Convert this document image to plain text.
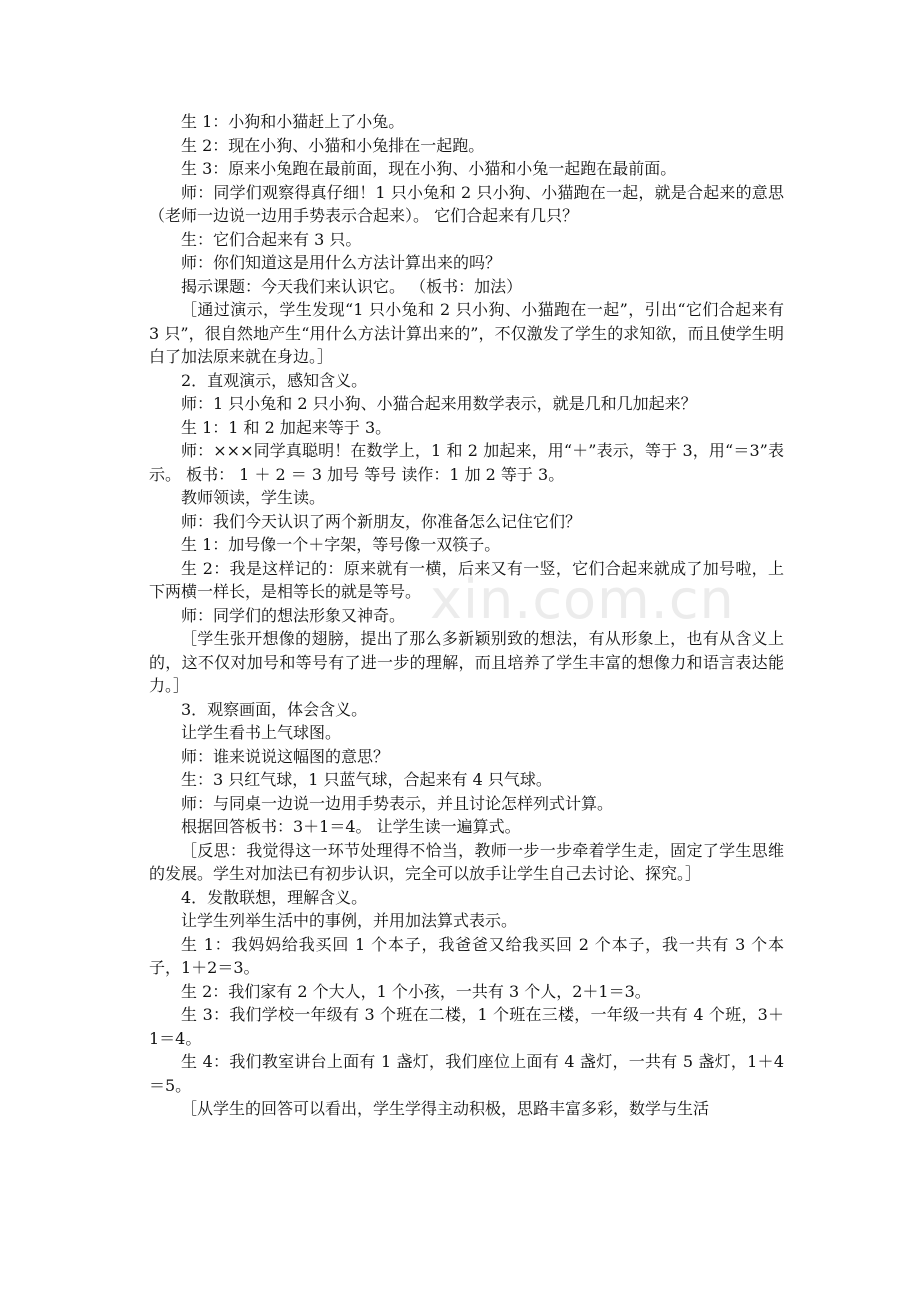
生 1：小狗和小猫赶上了小兔。

生 2：现在小狗、小猫和小兔排在一起跑。

生 3：原来小兔跑在最前面，现在小狗、小猫和小兔一起跑在最前面。

师：同学们观察得真仔细！1 只小兔和 2 只小狗、小猫跑在一起，就是合起来的意思 （老师一边说一边用手势表示合起来）。 它们合起来有几只？

生：它们合起来有 3 只。

师：你们知道这是用什么方法计算出来的吗？

揭示课题：今天我们来认识它。 （板书：加法）

［通过演示，学生发现“1 只小兔和 2 只小狗、小猫跑在一起”，引出“它们合起来有 3 只”，很自然地产生“用什么方法计算出来的”，不仅激发了学生的求知欲，而且使学生明白了加法原来就在身边。］

2．直观演示，感知含义。

师：1 只小兔和 2 只小狗、小猫合起来用数学表示，就是几和几加起来？

生 1：1 和 2 加起来等于 3。

师：×××同学真聪明！在数学上，1 和 2 加起来，用“＋”表示，等于 3，用“＝3”表示。 板书： 1 ＋ 2 ＝ 3 加号 等号 读作：1 加 2 等于 3。

教师领读，学生读。

师：我们今天认识了两个新朋友，你准备怎么记住它们？

生 1：加号像一个＋字架，等号像一双筷子。

生 2：我是这样记的：原来就有一横，后来又有一竖，它们合起来就成了加号啦，上下两横一样长，是相等长的就是等号。

师：同学们的想法形象又神奇。

［学生张开想像的翅膀，提出了那么多新颖别致的想法，有从形象上，也有从含义上的，这不仅对加号和等号有了进一步的理解，而且培养了学生丰富的想像力和语言表达能力。］

3．观察画面，体会含义。

让学生看书上气球图。

师：谁来说说这幅图的意思？

生：3 只红气球，1 只蓝气球，合起来有 4 只气球。

师：与同桌一边说一边用手势表示，并且讨论怎样列式计算。

根据回答板书：3＋1＝4。 让学生读一遍算式。

［反思：我觉得这一环节处理得不恰当，教师一步一步牵着学生走，固定了学生思维的发展。学生对加法已有初步认识，完全可以放手让学生自己去讨论、探究。］

4．发散联想，理解含义。

让学生列举生活中的事例，并用加法算式表示。

生 1：我妈妈给我买回 1 个本子，我爸爸又给我买回 2 个本子，我一共有 3 个本子，1＋2＝3。

生 2：我们家有 2 个大人，1 个小孩，一共有 3 个人，2＋1＝3。

生 3：我们学校一年级有 3 个班在二楼，1 个班在三楼，一年级一共有 4 个班，3＋1＝4。

生 4：我们教室讲台上面有 1 盏灯，我们座位上面有 4 盏灯，一共有 5 盏灯，1＋4＝5。

［从学生的回答可以看出，学生学得主动积极，思路丰富多彩，数学与生活

xin.com.cn
